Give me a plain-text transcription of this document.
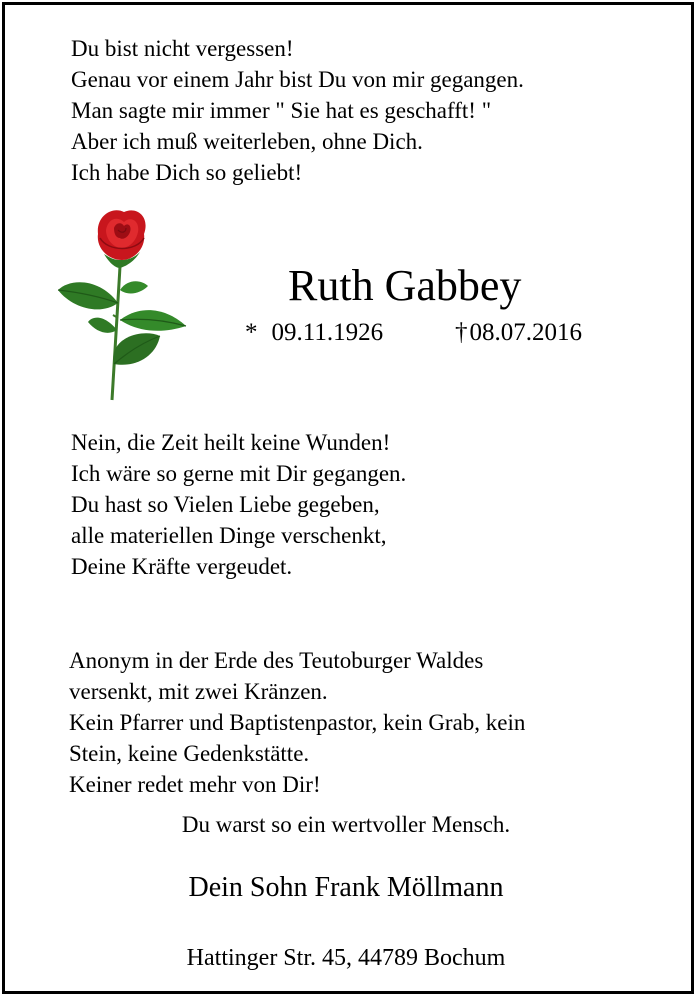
Du bist nicht vergessen!
Genau vor einem Jahr bist Du von mir gegangen.
Man sagte mir immer " Sie hat es geschafft! "
Aber ich muß weiterleben, ohne Dich.
Ich habe Dich so geliebt!
Ruth Gabbey
* 09.11.1926	†08.07.2016
Nein, die Zeit heilt keine Wunden!
Ich wäre so gerne mit Dir gegangen.
Du hast so Vielen Liebe gegeben,
alle materiellen Dinge verschenkt,
Deine Kräfte vergeudet.
Anonym in der Erde des Teutoburger Waldes
versenkt, mit zwei Kränzen.
Kein Pfarrer und Baptistenpastor, kein Grab, kein
Stein, keine Gedenkstätte.
Keiner redet mehr von Dir!
Du warst so ein wertvoller Mensch.
Dein Sohn Frank Möllmann
Hattinger Str. 45, 44789 Bochum
